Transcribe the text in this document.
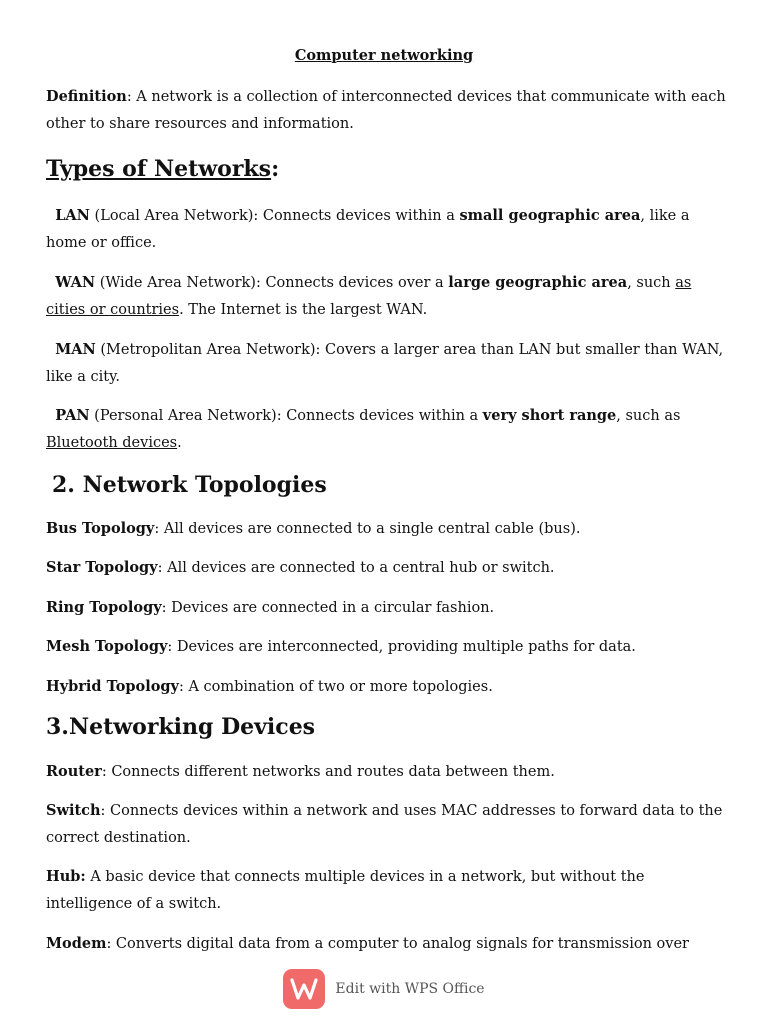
Computer networking
Definition: A network is a collection of interconnected devices that communicate with each other to share resources and information.
Types of Networks:
LAN (Local Area Network): Connects devices within a small geographic area, like a home or office.
WAN (Wide Area Network): Connects devices over a large geographic area, such as cities or countries. The Internet is the largest WAN.
MAN (Metropolitan Area Network): Covers a larger area than LAN but smaller than WAN, like a city.
PAN (Personal Area Network): Connects devices within a very short range, such as Bluetooth devices.
2. Network Topologies
Bus Topology: All devices are connected to a single central cable (bus).
Star Topology: All devices are connected to a central hub or switch.
Ring Topology: Devices are connected in a circular fashion.
Mesh Topology: Devices are interconnected, providing multiple paths for data.
Hybrid Topology: A combination of two or more topologies.
3.Networking Devices
Router: Connects different networks and routes data between them.
Switch: Connects devices within a network and uses MAC addresses to forward data to the correct destination.
Hub: A basic device that connects multiple devices in a network, but without the intelligence of a switch.
Modem: Converts digital data from a computer to analog signals for transmission over
Edit with WPS Office
